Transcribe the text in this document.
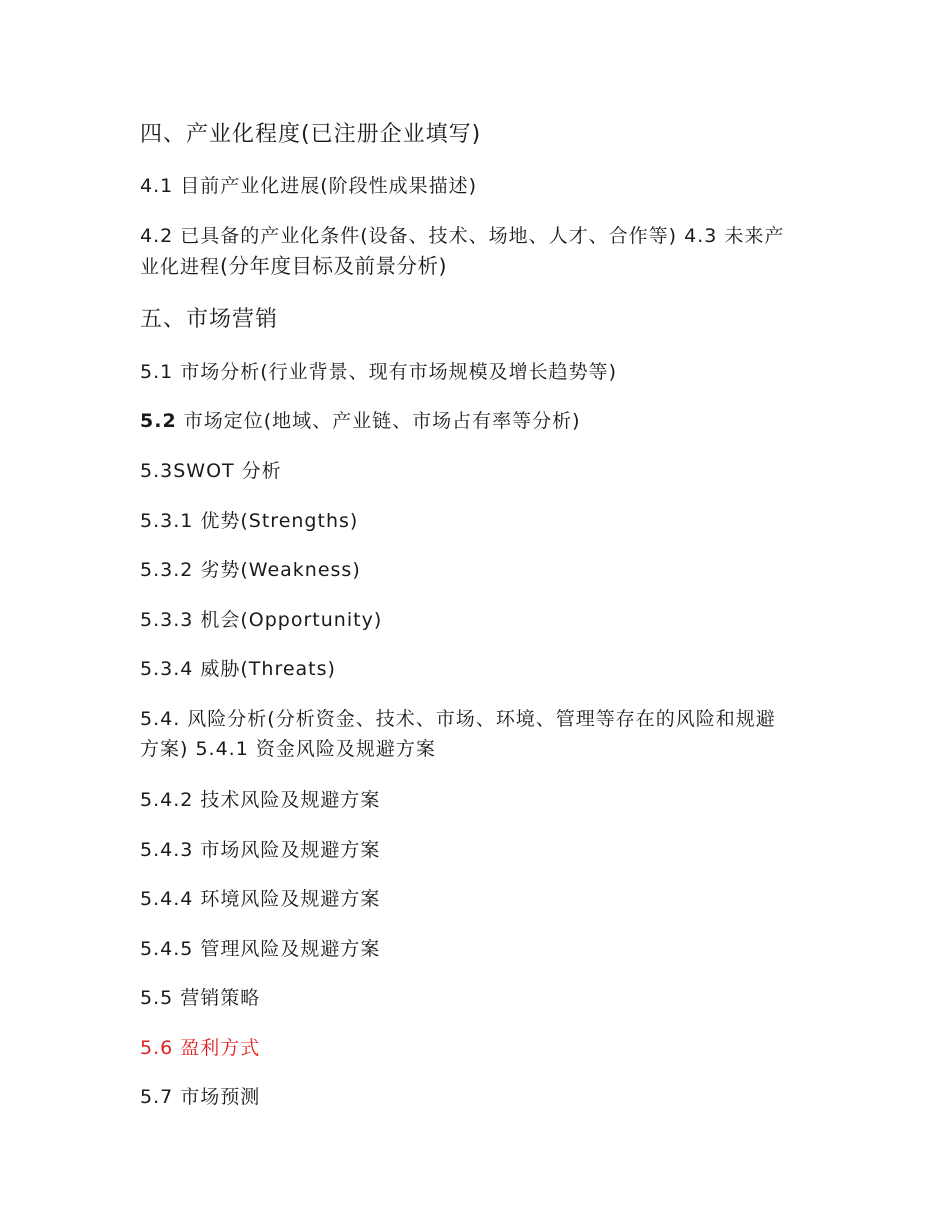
四、产业化程度(已注册企业填写)

4.1 目前产业化进展(阶段性成果描述)

4.2 已具备的产业化条件(设备、技术、场地、人才、合作等) 4.3 未来产

业化进程(分年度目标及前景分析)

五、市场营销

5.1 市场分析(行业背景、现有市场规模及增长趋势等)

5.2 市场定位(地域、产业链、市场占有率等分析)

5.3SWOT 分析

5.3.1 优势(Strengths)

5.3.2 劣势(Weakness)

5.3.3 机会(Opportunity)

5.3.4 威胁(Threats)

5.4. 风险分析(分析资金、技术、市场、环境、管理等存在的风险和规避

方案) 5.4.1 资金风险及规避方案

5.4.2 技术风险及规避方案

5.4.3 市场风险及规避方案

5.4.4 环境风险及规避方案

5.4.5 管理风险及规避方案

5.5 营销策略

5.6 盈利方式

5.7 市场预测
